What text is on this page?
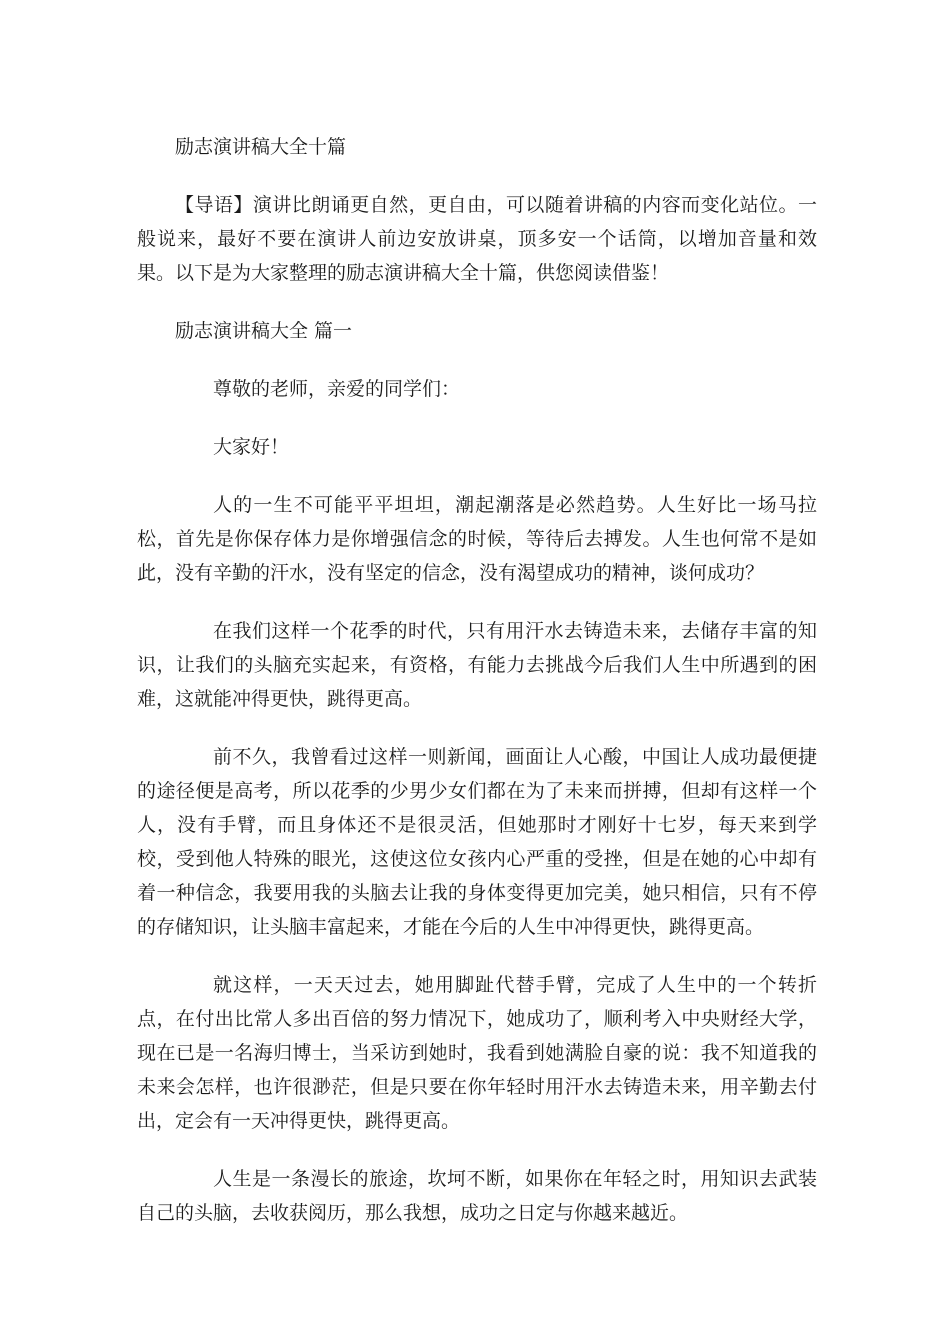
励志演讲稿大全十篇
【导语】演讲比朗诵更自然，更自由，可以随着讲稿的内容而变化站位。一般说来，最好不要在演讲人前边安放讲桌，顶多安一个话筒，以增加音量和效果。以下是为大家整理的励志演讲稿大全十篇，供您阅读借鉴！
励志演讲稿大全 篇一
尊敬的老师，亲爱的同学们：
大家好！
人的一生不可能平平坦坦，潮起潮落是必然趋势。人生好比一场马拉松，首先是你保存体力是你增强信念的时候，等待后去搏发。人生也何常不是如此，没有辛勤的汗水，没有坚定的信念，没有渴望成功的精神，谈何成功？
在我们这样一个花季的时代，只有用汗水去铸造未来，去储存丰富的知识，让我们的头脑充实起来，有资格，有能力去挑战今后我们人生中所遇到的困难，这就能冲得更快，跳得更高。
前不久，我曾看过这样一则新闻，画面让人心酸，中国让人成功最便捷的途径便是高考，所以花季的少男少女们都在为了未来而拼搏，但却有这样一个人，没有手臂，而且身体还不是很灵活，但她那时才刚好十七岁，每天来到学校，受到他人特殊的眼光，这使这位女孩内心严重的受挫，但是在她的心中却有着一种信念，我要用我的头脑去让我的身体变得更加完美，她只相信，只有不停的存储知识，让头脑丰富起来，才能在今后的人生中冲得更快，跳得更高。
就这样，一天天过去，她用脚趾代替手臂，完成了人生中的一个转折点，在付出比常人多出百倍的努力情况下，她成功了，顺利考入中央财经大学，现在已是一名海归博士，当采访到她时，我看到她满脸自豪的说：我不知道我的未来会怎样，也许很渺茫，但是只要在你年轻时用汗水去铸造未来，用辛勤去付出，定会有一天冲得更快，跳得更高。
人生是一条漫长的旅途，坎坷不断，如果你在年轻之时，用知识去武装自己的头脑，去收获阅历，那么我想，成功之日定与你越来越近。
